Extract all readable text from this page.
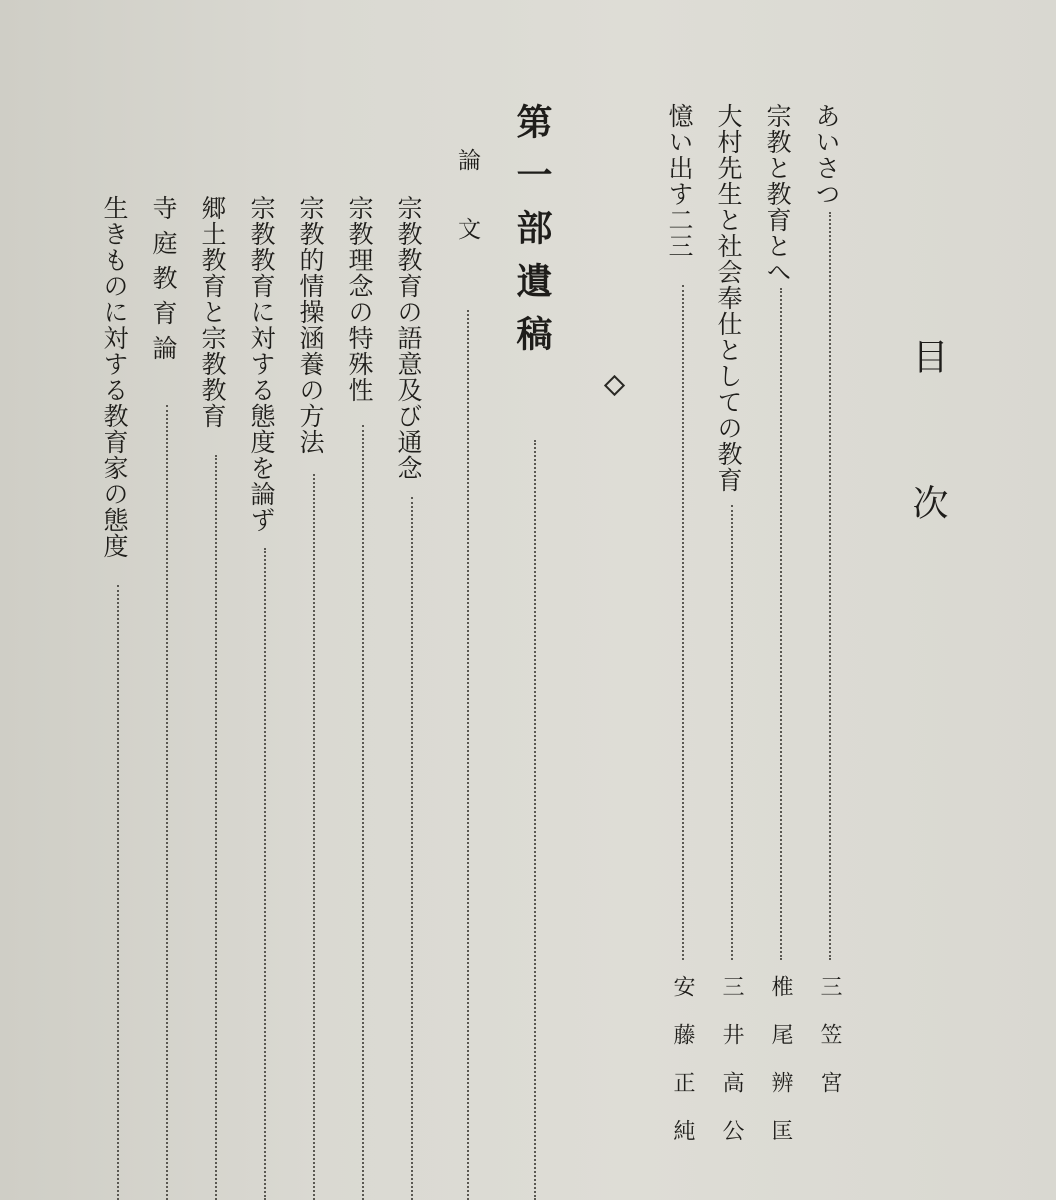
目次
あいさつ
三笠宮
宗教と教育とへ
椎尾辨匡
大村先生と社会奉仕としての教育
三井高公
憶い出す二三
安藤正純
第一部遺稿
論文
宗教教育の語意及び通念
宗教理念の特殊性
宗教的情操涵養の方法
宗教教育に対する態度を論ず
郷土教育と宗教教育
寺庭教育論
生きものに対する教育家の態度
